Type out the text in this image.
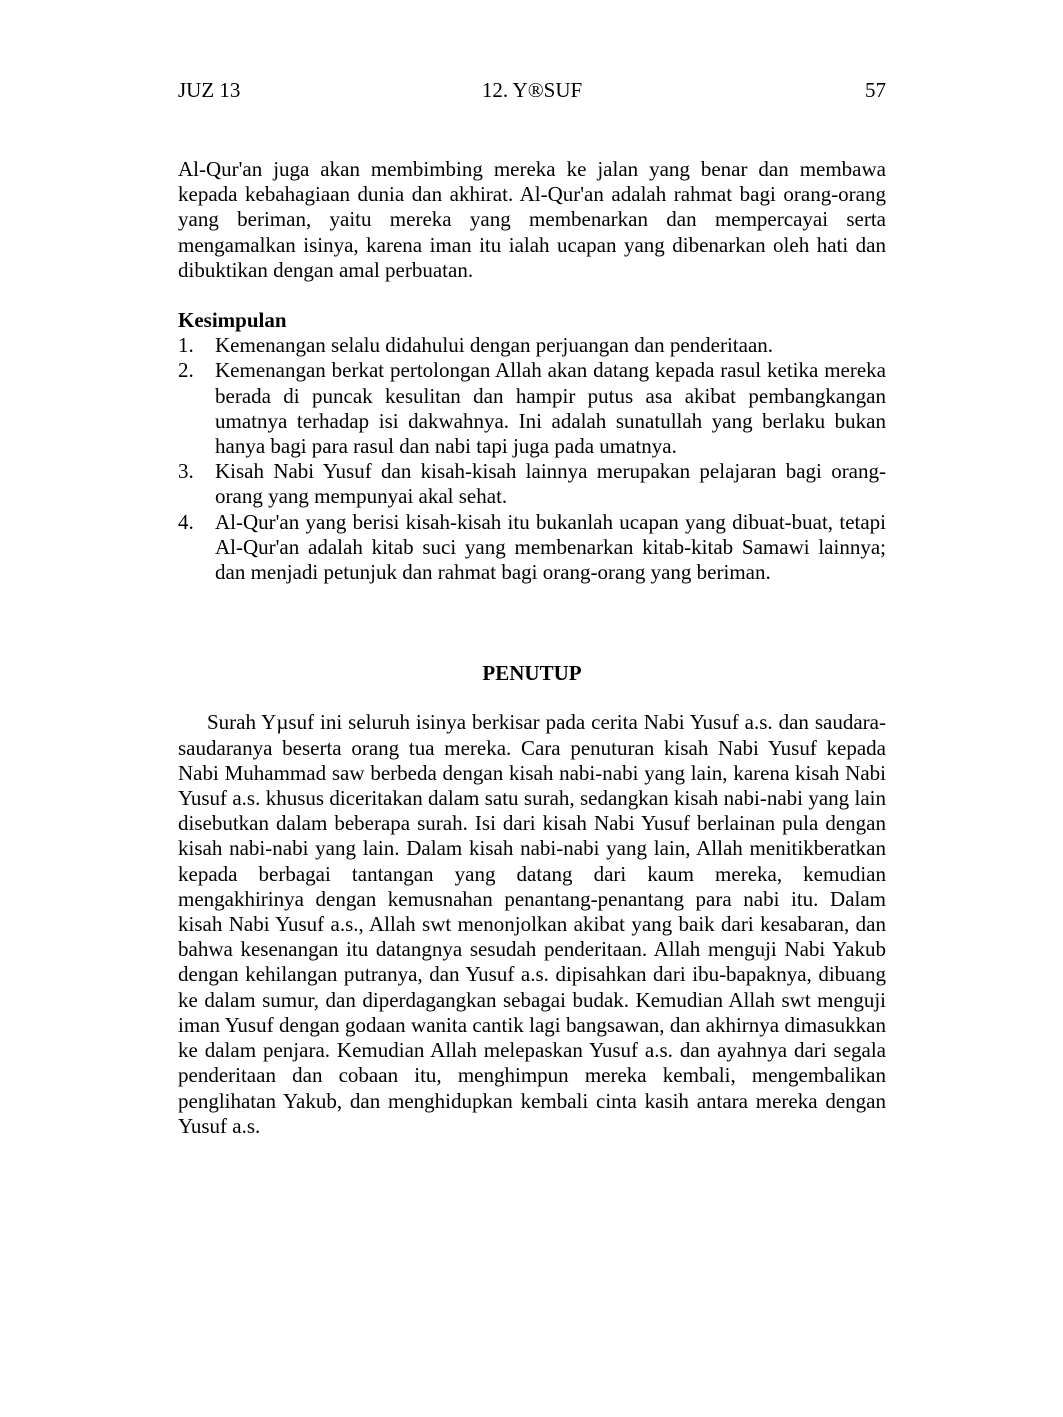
JUZ 13	12. Y®SUF	57

Al-Qur'an juga akan membimbing mereka ke jalan yang benar dan membawa kepada kebahagiaan dunia dan akhirat. Al-Qur'an adalah rahmat bagi orang-orang yang beriman, yaitu mereka yang membenarkan dan mempercayai serta mengamalkan isinya, karena iman itu ialah ucapan yang dibenarkan oleh hati dan dibuktikan dengan amal perbuatan.

Kesimpulan
1. Kemenangan selalu didahului dengan perjuangan dan penderitaan.
2. Kemenangan berkat pertolongan Allah akan datang kepada rasul ketika mereka berada di puncak kesulitan dan hampir putus asa akibat pembangkangan umatnya terhadap isi dakwahnya. Ini adalah sunatullah yang berlaku bukan hanya bagi para rasul dan nabi tapi juga pada umatnya.
3. Kisah Nabi Yusuf dan kisah-kisah lainnya merupakan pelajaran bagi orang-orang yang mempunyai akal sehat.
4. Al-Qur'an yang berisi kisah-kisah itu bukanlah ucapan yang dibuat-buat, tetapi Al-Qur'an adalah kitab suci yang membenarkan kitab-kitab Samawi lainnya; dan menjadi petunjuk dan rahmat bagi orang-orang yang beriman.
PENUTUP

Surah Yµsuf ini seluruh isinya berkisar pada cerita Nabi Yusuf a.s. dan saudara-saudaranya beserta orang tua mereka. Cara penuturan kisah Nabi Yusuf kepada Nabi Muhammad saw berbeda dengan kisah nabi-nabi yang lain, karena kisah Nabi Yusuf a.s. khusus diceritakan dalam satu surah, sedangkan kisah nabi-nabi yang lain disebutkan dalam beberapa surah. Isi dari kisah Nabi Yusuf berlainan pula dengan kisah nabi-nabi yang lain. Dalam kisah nabi-nabi yang lain, Allah menitikberatkan kepada berbagai tantangan yang datang dari kaum mereka, kemudian mengakhirinya dengan kemusnahan penantang-penantang para nabi itu. Dalam kisah Nabi Yusuf a.s., Allah swt menonjolkan akibat yang baik dari kesabaran, dan bahwa kesenangan itu datangnya sesudah penderitaan. Allah menguji Nabi Yakub dengan kehilangan putranya, dan Yusuf a.s. dipisahkan dari ibu-bapaknya, dibuang ke dalam sumur, dan diperdagangkan sebagai budak. Kemudian Allah swt menguji iman Yusuf dengan godaan wanita cantik lagi bangsawan, dan akhirnya dimasukkan ke dalam penjara. Kemudian Allah melepaskan Yusuf a.s. dan ayahnya dari segala penderitaan dan cobaan itu, menghimpun mereka kembali, mengembalikan penglihatan Yakub, dan menghidupkan kembali cinta kasih antara mereka dengan Yusuf a.s.
